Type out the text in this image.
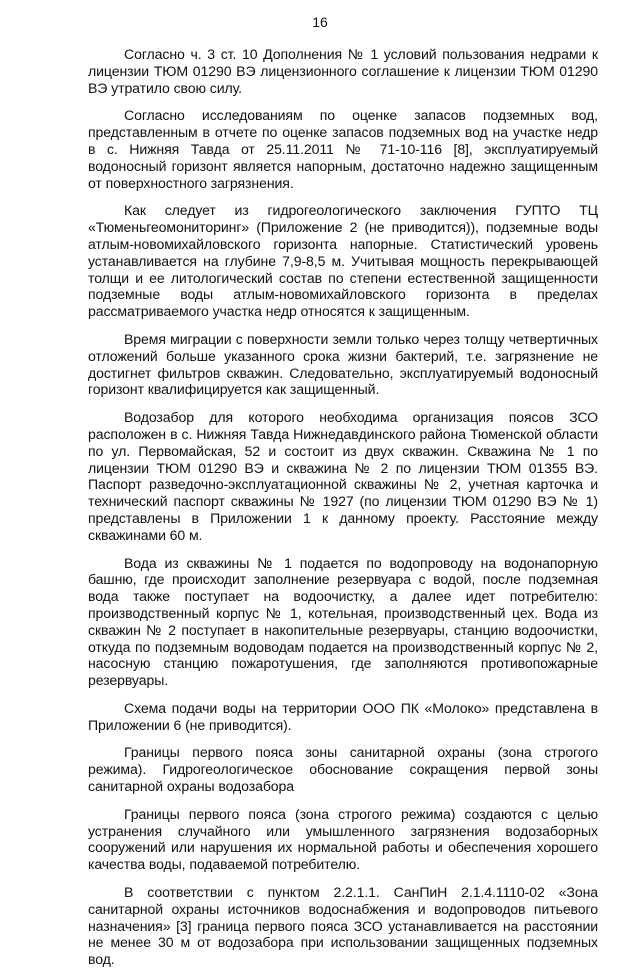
16

Согласно ч. 3 ст. 10 Дополнения № 1 условий пользования недрами к лицензии ТЮМ 01290 ВЭ лицензионного соглашение к лицензии ТЮМ 01290 ВЭ утратило свою силу.

Согласно исследованиям по оценке запасов подземных вод, представленным в отчете по оценке запасов подземных вод на участке недр в с. Нижняя Тавда от 25.11.2011 № 71-10-116 [8], эксплуатируемый водоносный горизонт является напорным, достаточно надежно защищенным от поверхностного загрязнения.

Как следует из гидрогеологического заключения ГУПТО ТЦ «Тюменьгеомониторинг» (Приложение 2 (не приводится)), подземные воды атлым-новомихайловского горизонта напорные. Статистический уровень устанавливается на глубине 7,9-8,5 м. Учитывая мощность перекрывающей толщи и ее литологический состав по степени естественной защищенности подземные воды атлым-новомихайловского горизонта в пределах рассматриваемого участка недр относятся к защищенным.

Время миграции с поверхности земли только через толщу четвертичных отложений больше указанного срока жизни бактерий, т.е. загрязнение не достигнет фильтров скважин. Следовательно, эксплуатируемый водоносный горизонт квалифицируется как защищенный.

Водозабор для которого необходима организация поясов ЗСО расположен в с. Нижняя Тавда Нижнедавдинского района Тюменской области по ул. Первомайская, 52 и состоит из двух скважин. Скважина № 1 по лицензии ТЮМ 01290 ВЭ и скважина № 2 по лицензии ТЮМ 01355 ВЭ. Паспорт разведочно-эксплуатационной скважины № 2, учетная карточка и технический паспорт скважины № 1927 (по лицензии ТЮМ 01290 ВЭ № 1) представлены в Приложении 1 к данному проекту. Расстояние между скважинами 60 м.

Вода из скважины № 1 подается по водопроводу на водонапорную башню, где происходит заполнение резервуара с водой, после подземная вода также поступает на водоочистку, а далее идет потребителю: производственный корпус № 1, котельная, производственный цех. Вода из скважин № 2 поступает в накопительные резервуары, станцию водоочистки, откуда по подземным водоводам подается на производственный корпус № 2, насосную станцию пожаротушения, где заполняются противопожарные резервуары.

Схема подачи воды на территории ООО ПК «Молоко» представлена в Приложении 6 (не приводится).

Границы первого пояса зоны санитарной охраны (зона строгого режима). Гидрогеологическое обоснование сокращения первой зоны санитарной охраны водозабора

Границы первого пояса (зона строгого режима) создаются с целью устранения случайного или умышленного загрязнения водозаборных сооружений или нарушения их нормальной работы и обеспечения хорошего качества воды, подаваемой потребителю.

В соответствии с пунктом 2.2.1.1. СанПиН 2.1.4.1110-02 «Зона санитарной охраны источников водоснабжения и водопроводов питьевого назначения» [3] граница первого пояса ЗСО устанавливается на расстоянии не менее 30 м от водозабора при использовании защищенных подземных вод.
